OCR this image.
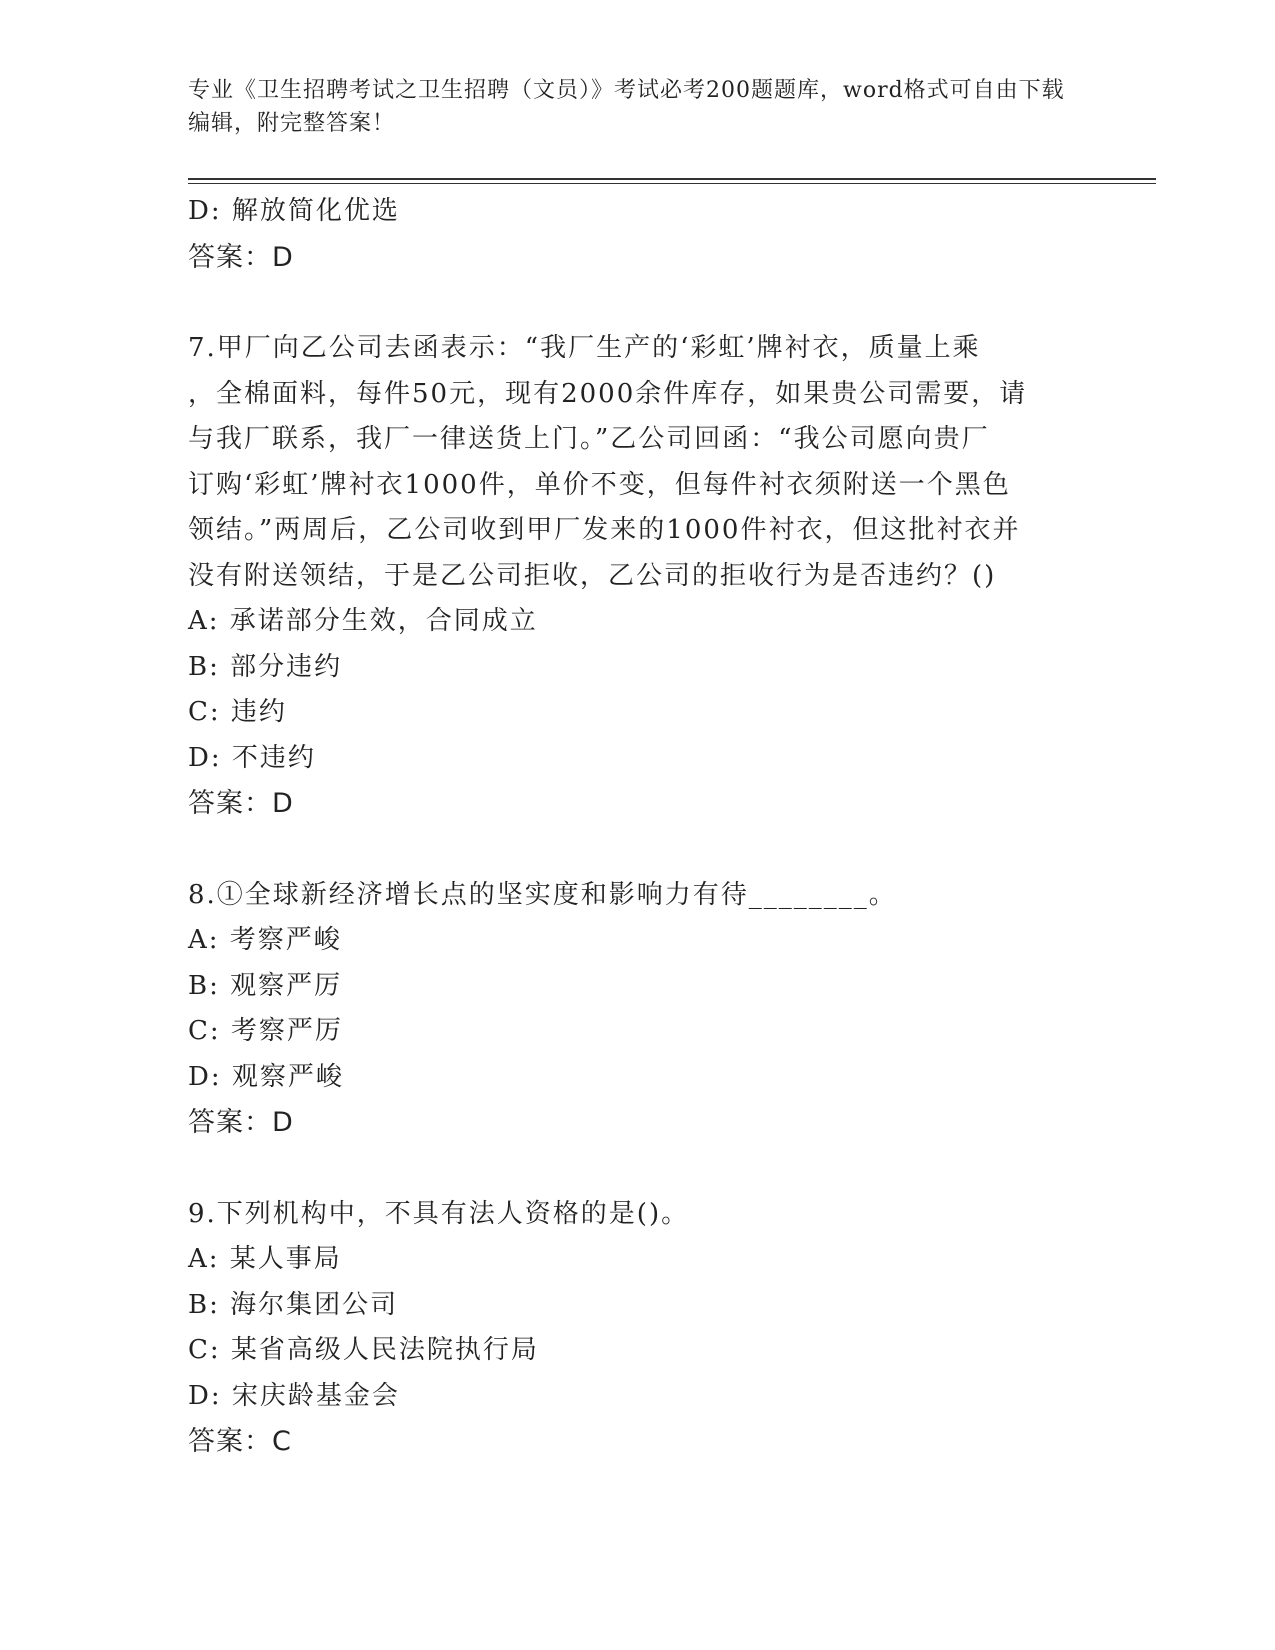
专业《卫生招聘考试之卫生招聘（文员）》考试必考200题题库，word格式可自由下载编辑，附完整答案！
D: 解放简化优选
答案：D
7.甲厂向乙公司去函表示：“我厂生产的‘彩虹’牌衬衣，质量上乘
，全棉面料，每件50元，现有2000余件库存，如果贵公司需要，请
与我厂联系，我厂一律送货上门。”乙公司回函：“我公司愿向贵厂
订购‘彩虹’牌衬衣1000件，单价不变，但每件衬衣须附送一个黑色
领结。”两周后，乙公司收到甲厂发来的1000件衬衣，但这批衬衣并
没有附送领结，于是乙公司拒收，乙公司的拒收行为是否违约？()
A: 承诺部分生效，合同成立
B: 部分违约
C: 违约
D: 不违约
答案：D
8.①全球新经济增长点的坚实度和影响力有待________。
A: 考察严峻
B: 观察严厉
C: 考察严厉
D: 观察严峻
答案：D
9.下列机构中，不具有法人资格的是()。
A: 某人事局
B: 海尔集团公司
C: 某省高级人民法院执行局
D: 宋庆龄基金会
答案：C
